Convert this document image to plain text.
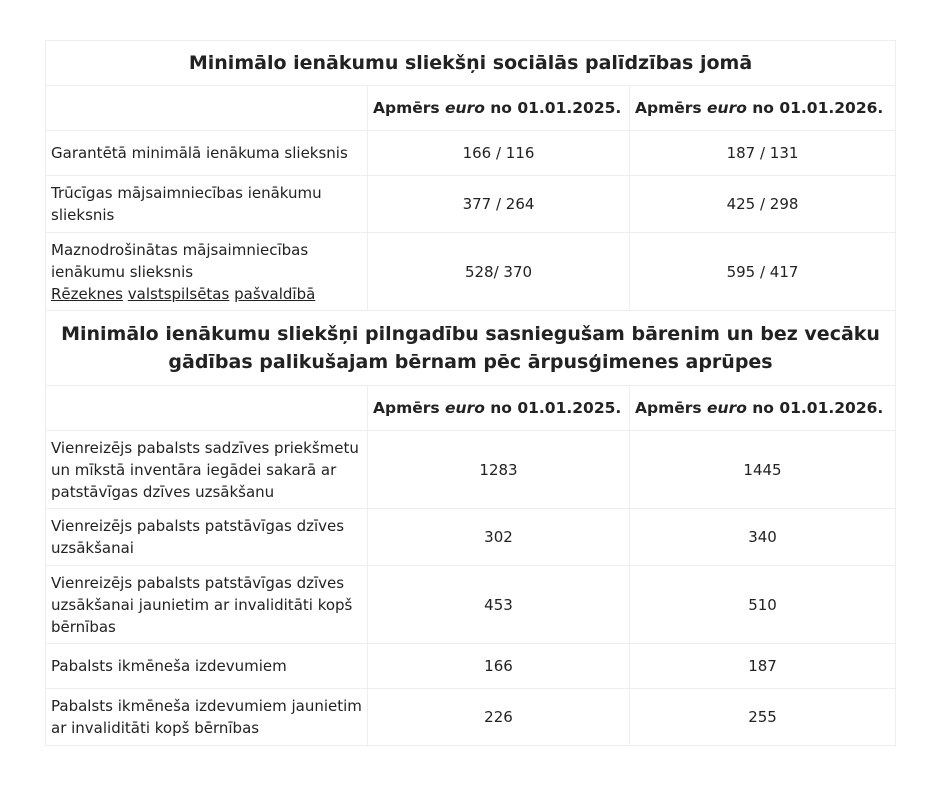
Minimālo ienākumu sliekšņi sociālās palīdzības jomā		
	Apmērs euro no 01.01.2025.	Apmērs euro no 01.01.2026.
Garantētā minimālā ienākuma slieksnis	166 / 116	187 / 131
Trūcīgas mājsaimniecības ienākumu slieksnis	377 / 264	425 / 298
Maznodrošinātas mājsaimniecības ienākumu slieksnis
Rēzeknes valstspilsētas pašvaldībā	528/ 370	595 / 417
Minimālo ienākumu sliekšņi pilngadību sasniegušam bārenim un bez vecāku gādības palikušajam bērnam pēc ārpusģimenes aprūpes		
	Apmērs euro no 01.01.2025.	Apmērs euro no 01.01.2026.
Vienreizējs pabalsts sadzīves priekšmetu un mīkstā inventāra iegādei sakarā ar patstāvīgas dzīves uzsākšanu	1283	1445
Vienreizējs pabalsts patstāvīgas dzīves uzsākšanai	302	340
Vienreizējs pabalsts patstāvīgas dzīves uzsākšanai jaunietim ar invaliditāti kopš bērnības	453	510
Pabalsts ikmēneša izdevumiem	166	187
Pabalsts ikmēneša izdevumiem jaunietim ar invaliditāti kopš bērnības	226	255
